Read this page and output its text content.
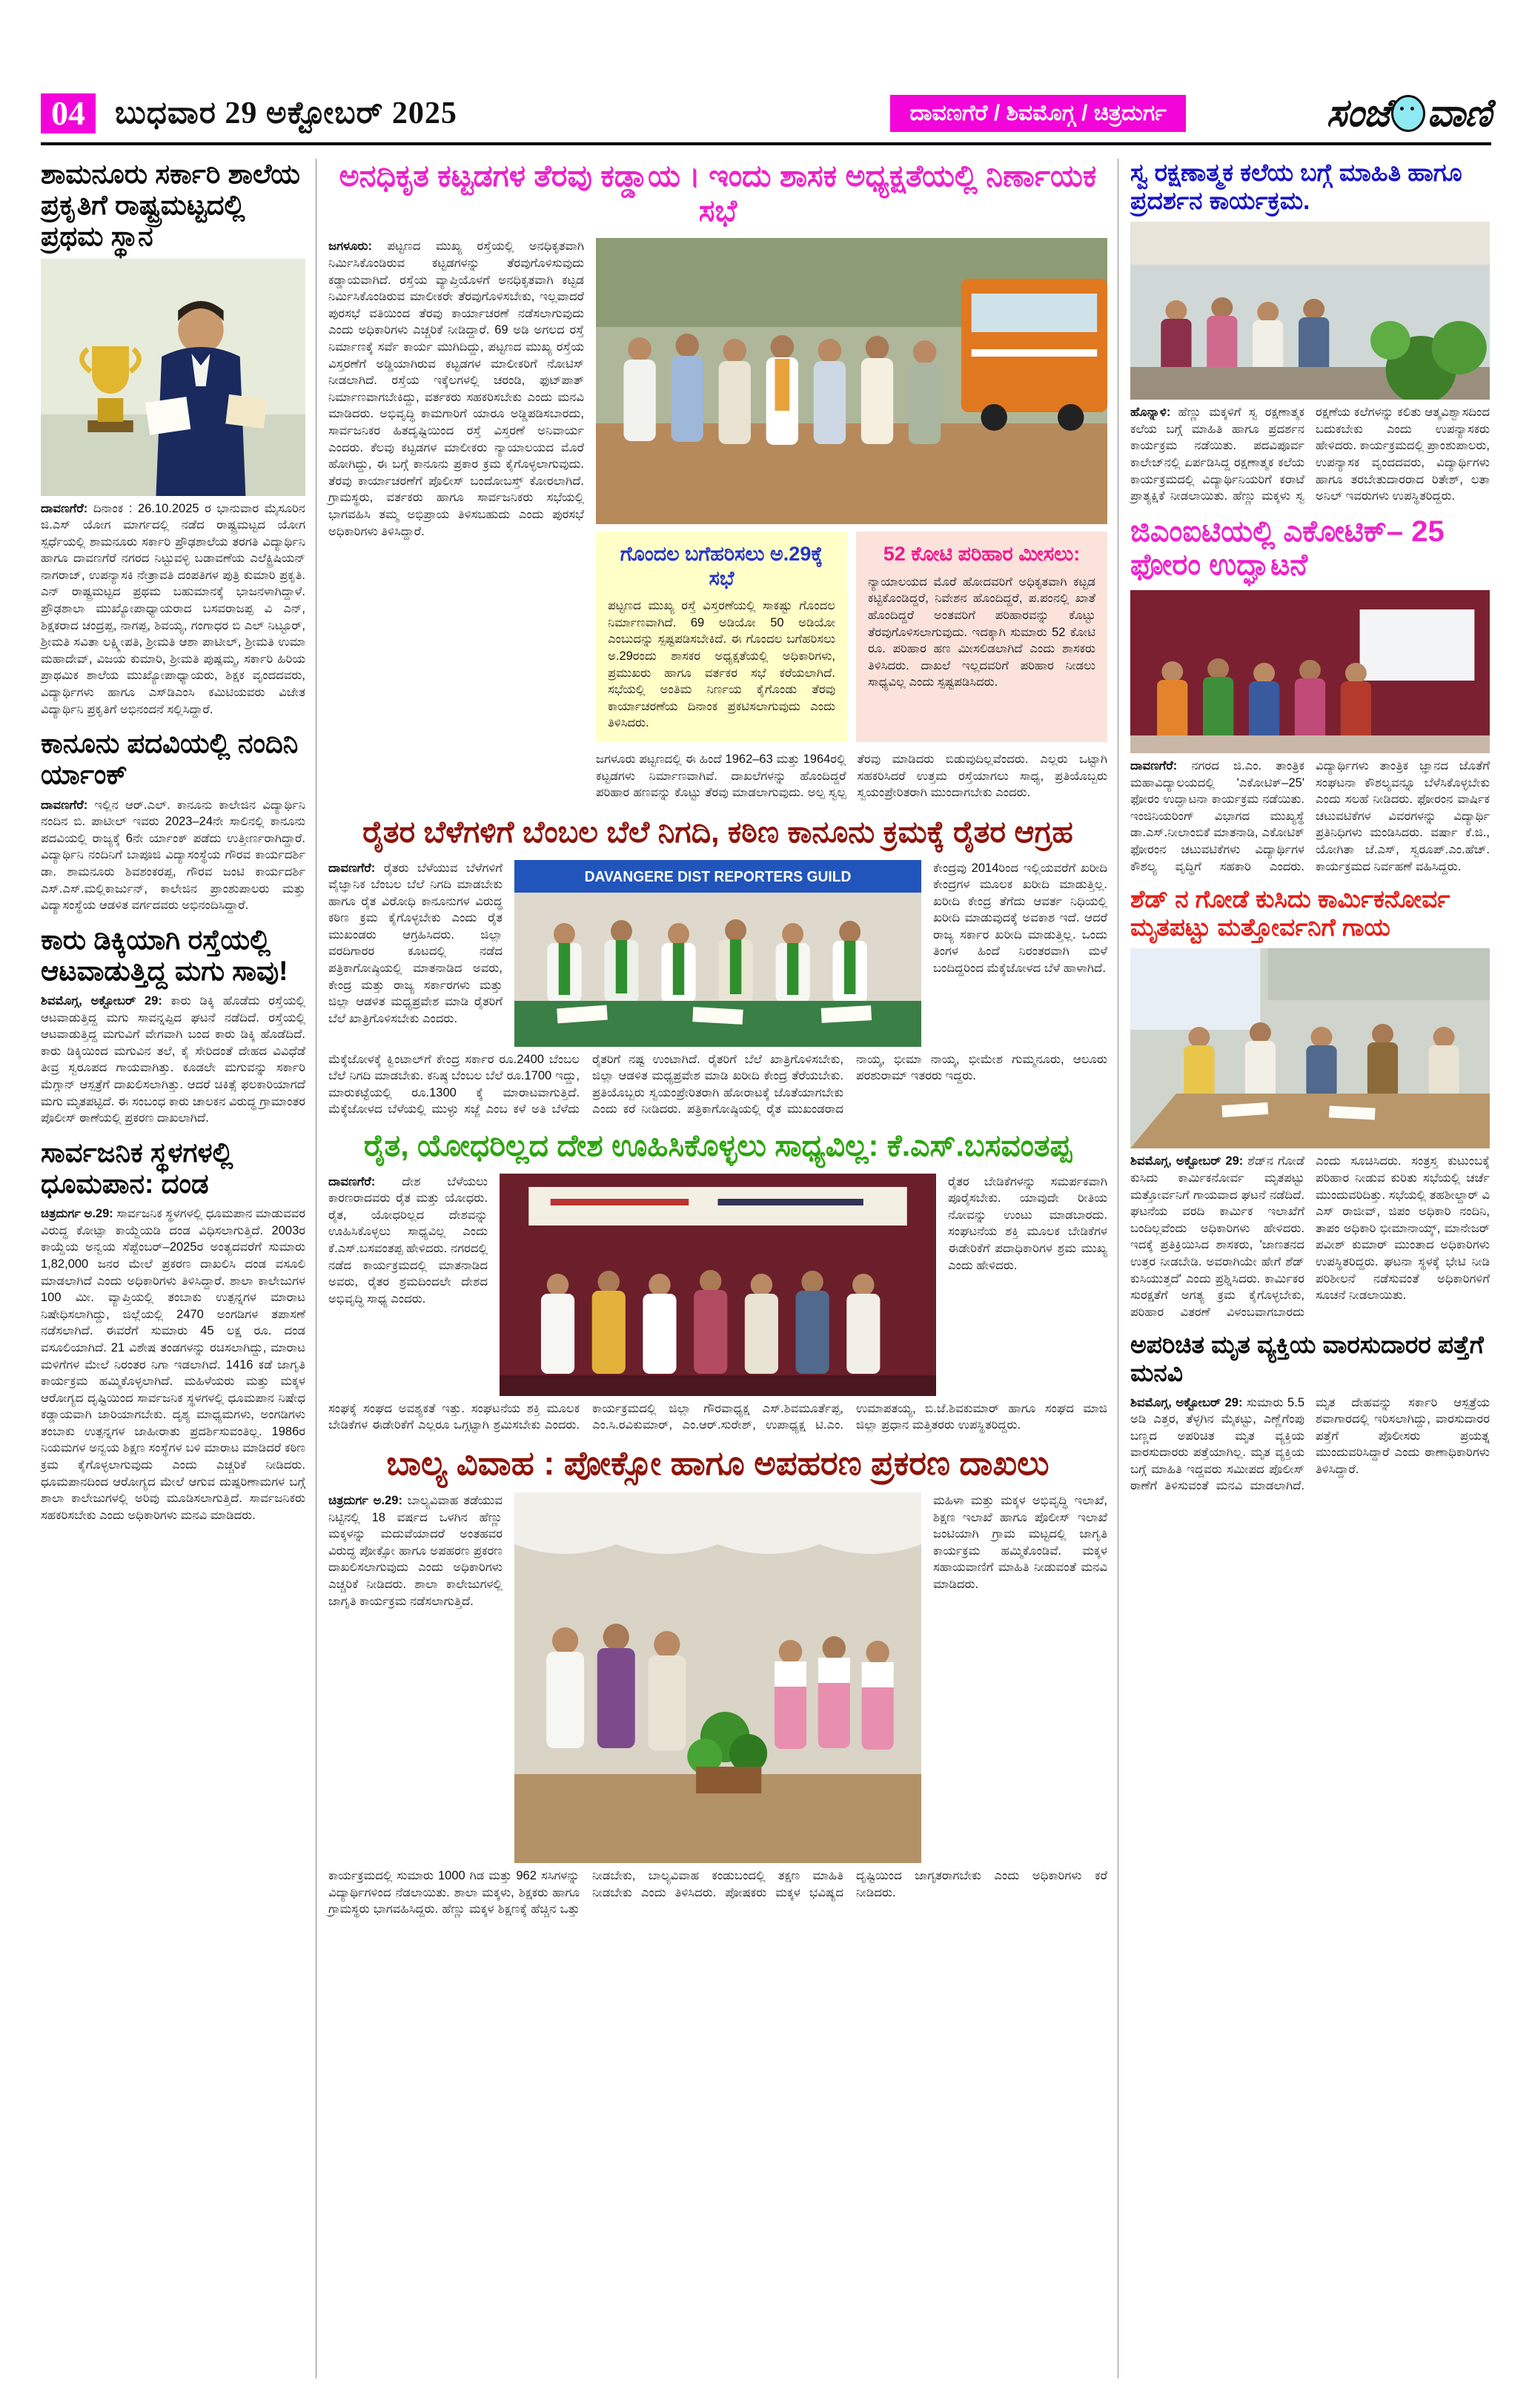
04 ಬುಧವಾರ 29 ಅಕ್ಟೋಬರ್ 2025	ದಾವಣಗೆರೆ / ಶಿವಮೊಗ್ಗ / ಚಿತ್ರದುರ್ಗ	ಸಂಜೆ ವಾಣಿ
ಶಾಮನೂರು ಸರ್ಕಾರಿ ಶಾಲೆಯ ಪ್ರಕೃತಿಗೆ ರಾಷ್ಟ್ರಮಟ್ಟದಲ್ಲಿ ಪ್ರಥಮ ಸ್ಥಾನ

ದಾವಣಗೆರೆ: ದಿನಾಂಕ : 26.10.2025 ರ ಭಾನುವಾರ ಮೈಸೂರಿನ ಜಿ.ಎಸ್ ಯೋಗ ಮಾರ್ಗದಲ್ಲಿ ನಡೆದ ರಾಷ್ಟ್ರಮಟ್ಟದ ಯೋಗ ಸ್ಪರ್ಧೆಯಲ್ಲಿ ಶಾಮನೂರು ಸರ್ಕಾರಿ ಪ್ರೌಢಶಾಲೆಯ ತರಗತಿ ವಿದ್ಯಾರ್ಥಿನಿ ಹಾಗೂ ದಾವಣಗೆರೆ ನಗರದ ನಿಟ್ಟುವಳ್ಳಿ ಬಡಾವಣೆಯ ಎಲೆಕ್ಟ್ರಿಷಿಯನ್ ನಾಗರಾಜ್, ಉಪನ್ಯಾಸಕಿ ನೇತ್ರಾವತಿ ದಂಪತಿಗಳ ಪುತ್ರಿ ಕುಮಾರಿ ಪ್ರಕೃತಿ. ಎನ್ ರಾಷ್ಟ್ರಮಟ್ಟದ ಪ್ರಥಮ ಬಹುಮಾನಕ್ಕೆ ಭಾಜನಳಾಗಿದ್ದಾಳೆ. ಪ್ರೌಢಶಾಲಾ ಮುಖ್ಯೋಪಾಧ್ಯಾಯರಾದ ಬಸವರಾಜಪ್ಪ ವಿ ಎನ್, ಶಿಕ್ಷಕರಾದ ಚಂದ್ರಪ್ಪ, ನಾಗಪ್ಪ, ಶಿವಯ್ಯ, ಗಂಗಾಧರ ಬಿ ಎಲ್ ನಿಟ್ಟೂರ್, ಶ್ರೀಮತಿ ಸವಿತಾ ಲಕ್ಷ್ಮೀಪತಿ, ಶ್ರೀಮತಿ ಆಶಾ ಪಾಟೀಲ್, ಶ್ರೀಮತಿ ಉಮಾ ಮಹಾದೇವ್, ವಿಜಯ ಕುಮಾರಿ, ಶ್ರೀಮತಿ ಪುಷ್ಪಮ್ಮ, ಸರ್ಕಾರಿ ಹಿರಿಯ ಪ್ರಾಥಮಿಕ ಶಾಲೆಯ ಮುಖ್ಯೋಪಾಧ್ಯಾಯರು, ಶಿಕ್ಷಕ ವೃಂದದವರು, ವಿದ್ಯಾರ್ಥಿಗಳು ಹಾಗೂ ಎಸ್‌ಡಿಎಂಸಿ ಕಮಿಟಿಯವರು ವಿಜೇತ ವಿದ್ಯಾರ್ಥಿನಿ ಪ್ರಕೃತಿಗೆ ಅಭಿನಂದನೆ ಸಲ್ಲಿಸಿದ್ದಾರೆ.

ಕಾನೂನು ಪದವಿಯಲ್ಲಿ ನಂದಿನಿ ರ್ಯಾಂಕ್

ದಾವಣಗೆರೆ: ಇಲ್ಲಿನ ಆರ್.ಎಲ್. ಕಾನೂನು ಕಾಲೇಜಿನ ವಿದ್ಯಾರ್ಥಿನಿ ನಂದಿನ ಬಿ. ಪಾಟೀಲ್ ಇವರು 2023–24ನೇ ಸಾಲಿನಲ್ಲಿ ಕಾನೂನು ಪದವಿಯಲ್ಲಿ ರಾಜ್ಯಕ್ಕೆ 6ನೇ ರ್ಯಾಂಕ್ ಪಡೆದು ಉತ್ತೀರ್ಣರಾಗಿದ್ದಾರೆ. ವಿದ್ಯಾರ್ಥಿನಿ ನಂದಿನಿಗೆ ಬಾಪೂಜಿ ವಿದ್ಯಾಸಂಸ್ಥೆಯ ಗೌರವ ಕಾರ್ಯದರ್ಶಿ ಡಾ. ಶಾಮನೂರು ಶಿವಶಂಕರಪ್ಪ, ಗೌರವ ಜಂಟಿ ಕಾರ್ಯದರ್ಶಿ ಎಸ್.ಎಸ್.ಮಲ್ಲಿಕಾರ್ಜುನ್, ಕಾಲೇಜಿನ ಪ್ರಾಂಶುಪಾಲರು ಮತ್ತು ವಿದ್ಯಾಸಂಸ್ಥೆಯ ಆಡಳಿತ ವರ್ಗದವರು ಅಭಿನಂದಿಸಿದ್ದಾರೆ.

ಕಾರು ಡಿಕ್ಕಿಯಾಗಿ ರಸ್ತೆಯಲ್ಲಿ ಆಟವಾಡುತ್ತಿದ್ದ ಮಗು ಸಾವು!

ಶಿವಮೊಗ್ಗ, ಅಕ್ಟೋಬರ್ 29: ಕಾರು ಡಿಕ್ಕಿ ಹೊಡೆದು ರಸ್ತೆಯಲ್ಲಿ ಆಟವಾಡುತ್ತಿದ್ದ ಮಗು ಸಾವನ್ನಪ್ಪಿದ ಘಟನೆ ನಡೆದಿದೆ. ರಸ್ತೆಯಲ್ಲಿ ಆಟವಾಡುತ್ತಿದ್ದ ಮಗುವಿಗೆ ವೇಗವಾಗಿ ಬಂದ ಕಾರು ಡಿಕ್ಕಿ ಹೊಡೆದಿದೆ. ಕಾರು ಡಿಕ್ಕಿಯಿಂದ ಮಗುವಿನ ತಲೆ, ಕೈ ಸೇರಿದಂತೆ ದೇಹದ ವಿವಿಧೆಡೆ ತೀವ್ರ ಸ್ವರೂಪದ ಗಾಯವಾಗಿತ್ತು. ಕೂಡಲೇ ಮಗುವನ್ನು ಸರ್ಕಾರಿ ಮೆಗ್ಗಾನ್ ಆಸ್ಪತ್ರೆಗೆ ದಾಖಲಿಸಲಾಗಿತ್ತು. ಆದರೆ ಚಿಕಿತ್ಸೆ ಫಲಕಾರಿಯಾಗದೆ ಮಗು ಮೃತಪಟ್ಟಿದೆ. ಈ ಸಂಬಂಧ ಕಾರು ಚಾಲಕನ ವಿರುದ್ಧ ಗ್ರಾಮಾಂತರ ಪೊಲೀಸ್ ಠಾಣೆಯಲ್ಲಿ ಪ್ರಕರಣ ದಾಖಲಾಗಿದೆ.

ಸಾರ್ವಜನಿಕ ಸ್ಥಳಗಳಲ್ಲಿ ಧೂಮಪಾನ: ದಂಡ

ಚಿತ್ರದುರ್ಗ ಅ.29: ಸಾರ್ವಜನಿಕ ಸ್ಥಳಗಳಲ್ಲಿ ಧೂಮಪಾನ ಮಾಡುವವರ ವಿರುದ್ಧ ಕೋಟ್ಪಾ ಕಾಯ್ದೆಯಡಿ ದಂಡ ವಿಧಿಸಲಾಗುತ್ತಿದೆ. 2003ರ ಕಾಯ್ದೆಯ ಅನ್ವಯ ಸೆಪ್ಟೆಂಬರ್–2025ರ ಅಂತ್ಯದವರೆಗೆ ಸುಮಾರು 1,82,000 ಜನರ ಮೇಲೆ ಪ್ರಕರಣ ದಾಖಲಿಸಿ ದಂಡ ವಸೂಲಿ ಮಾಡಲಾಗಿದೆ ಎಂದು ಅಧಿಕಾರಿಗಳು ತಿಳಿಸಿದ್ದಾರೆ. ಶಾಲಾ ಕಾಲೇಜುಗಳ 100 ಮೀ. ವ್ಯಾಪ್ತಿಯಲ್ಲಿ ತಂಬಾಕು ಉತ್ಪನ್ನಗಳ ಮಾರಾಟ ನಿಷೇಧಿಸಲಾಗಿದ್ದು, ಜಿಲ್ಲೆಯಲ್ಲಿ 2470 ಅಂಗಡಿಗಳ ತಪಾಸಣೆ ನಡೆಸಲಾಗಿದೆ. ಈವರೆಗೆ ಸುಮಾರು 45 ಲಕ್ಷ ರೂ. ದಂಡ ವಸೂಲಿಯಾಗಿದೆ. 21 ವಿಶೇಷ ತಂಡಗಳನ್ನು ರಚಿಸಲಾಗಿದ್ದು, ಮಾರಾಟ ಮಳಿಗೆಗಳ ಮೇಲೆ ನಿರಂತರ ನಿಗಾ ಇಡಲಾಗಿದೆ. 1416 ಕಡೆ ಜಾಗೃತಿ ಕಾರ್ಯಕ್ರಮ ಹಮ್ಮಿಕೊಳ್ಳಲಾಗಿದೆ. ಮಹಿಳೆಯರು ಮತ್ತು ಮಕ್ಕಳ ಆರೋಗ್ಯದ ದೃಷ್ಟಿಯಿಂದ ಸಾರ್ವಜನಿಕ ಸ್ಥಳಗಳಲ್ಲಿ ಧೂಮಪಾನ ನಿಷೇಧ ಕಡ್ಡಾಯವಾಗಿ ಜಾರಿಯಾಗಬೇಕು. ದೃಶ್ಯ ಮಾಧ್ಯಮಗಳು, ಅಂಗಡಿಗಳು ತಂಬಾಕು ಉತ್ಪನ್ನಗಳ ಜಾಹೀರಾತು ಪ್ರದರ್ಶಿಸುವಂತಿಲ್ಲ. 1986ರ ನಿಯಮಗಳ ಅನ್ವಯ ಶಿಕ್ಷಣ ಸಂಸ್ಥೆಗಳ ಬಳಿ ಮಾರಾಟ ಮಾಡಿದರೆ ಕಠಿಣ ಕ್ರಮ ಕೈಗೊಳ್ಳಲಾಗುವುದು ಎಂದು ಎಚ್ಚರಿಕೆ ನೀಡಿದರು. ಧೂಮಪಾನದಿಂದ ಆರೋಗ್ಯದ ಮೇಲೆ ಆಗುವ ದುಷ್ಪರಿಣಾಮಗಳ ಬಗ್ಗೆ ಶಾಲಾ ಕಾಲೇಜುಗಳಲ್ಲಿ ಅರಿವು ಮೂಡಿಸಲಾಗುತ್ತಿದೆ. ಸಾರ್ವಜನಿಕರು ಸಹಕರಿಸಬೇಕು ಎಂದು ಅಧಿಕಾರಿಗಳು ಮನವಿ ಮಾಡಿದರು.

ಅನಧಿಕೃತ ಕಟ್ಟಡಗಳ ತೆರವು ಕಡ್ಡಾಯ । ಇಂದು ಶಾಸಕ ಅಧ್ಯಕ್ಷತೆಯಲ್ಲಿ ನಿರ್ಣಾಯಕ ಸಭೆ

ಜಗಳೂರು: ಪಟ್ಟಣದ ಮುಖ್ಯ ರಸ್ತೆಯಲ್ಲಿ ಅನಧಿಕೃತವಾಗಿ ನಿರ್ಮಿಸಿಕೊಂಡಿರುವ ಕಟ್ಟಡಗಳನ್ನು ತೆರವುಗೊಳಿಸುವುದು ಕಡ್ಡಾಯವಾಗಿದೆ. ರಸ್ತೆಯ ವ್ಯಾಪ್ತಿಯೊಳಗೆ ಅನಧಿಕೃತವಾಗಿ ಕಟ್ಟಡ ನಿರ್ಮಿಸಿಕೊಂಡಿರುವ ಮಾಲೀಕರೇ ತೆರವುಗೊಳಿಸಬೇಕು, ಇಲ್ಲವಾದರೆ ಪುರಸಭೆ ವತಿಯಿಂದ ತೆರವು ಕಾರ್ಯಾಚರಣೆ ನಡೆಸಲಾಗುವುದು ಎಂದು ಅಧಿಕಾರಿಗಳು ಎಚ್ಚರಿಕೆ ನೀಡಿದ್ದಾರೆ. 69 ಅಡಿ ಅಗಲದ ರಸ್ತೆ ನಿರ್ಮಾಣಕ್ಕೆ ಸರ್ವೆ ಕಾರ್ಯ ಮುಗಿದಿದ್ದು, ಪಟ್ಟಣದ ಮುಖ್ಯ ರಸ್ತೆಯ ವಿಸ್ತರಣೆಗೆ ಅಡ್ಡಿಯಾಗಿರುವ ಕಟ್ಟಡಗಳ ಮಾಲೀಕರಿಗೆ ನೋಟಿಸ್ ನೀಡಲಾಗಿದೆ. ರಸ್ತೆಯ ಇಕ್ಕೆಲಗಳಲ್ಲಿ ಚರಂಡಿ, ಫುಟ್‌ಪಾತ್ ನಿರ್ಮಾಣವಾಗಬೇಕಿದ್ದು, ವರ್ತಕರು ಸಹಕರಿಸಬೇಕು ಎಂದು ಮನವಿ ಮಾಡಿದರು. ಅಭಿವೃದ್ಧಿ ಕಾಮಗಾರಿಗೆ ಯಾರೂ ಅಡ್ಡಿಪಡಿಸಬಾರದು, ಸಾರ್ವಜನಿಕರ ಹಿತದೃಷ್ಟಿಯಿಂದ ರಸ್ತೆ ವಿಸ್ತರಣೆ ಅನಿವಾರ್ಯ ಎಂದರು. ಕೆಲವು ಕಟ್ಟಡಗಳ ಮಾಲೀಕರು ನ್ಯಾಯಾಲಯದ ಮೊರೆ ಹೋಗಿದ್ದು, ಈ ಬಗ್ಗೆ ಕಾನೂನು ಪ್ರಕಾರ ಕ್ರಮ ಕೈಗೊಳ್ಳಲಾಗುವುದು. ತೆರವು ಕಾರ್ಯಾಚರಣೆಗೆ ಪೊಲೀಸ್ ಬಂದೋಬಸ್ತ್ ಕೋರಲಾಗಿದೆ. ಗ್ರಾಮಸ್ಥರು, ವರ್ತಕರು ಹಾಗೂ ಸಾರ್ವಜನಿಕರು ಸಭೆಯಲ್ಲಿ ಭಾಗವಹಿಸಿ ತಮ್ಮ ಅಭಿಪ್ರಾಯ ತಿಳಿಸಬಹುದು ಎಂದು ಪುರಸಭೆ ಅಧಿಕಾರಿಗಳು ತಿಳಿಸಿದ್ದಾರೆ.

ಗೊಂದಲ ಬಗೆಹರಿಸಲು ಅ.29ಕ್ಕೆ ಸಭೆ

ಪಟ್ಟಣದ ಮುಖ್ಯ ರಸ್ತೆ ವಿಸ್ತರಣೆಯಲ್ಲಿ ಸಾಕಷ್ಟು ಗೊಂದಲ ನಿರ್ಮಾಣವಾಗಿದೆ. 69 ಅಡಿಯೋ 50 ಅಡಿಯೋ ಎಂಬುದನ್ನು ಸ್ಪಷ್ಟಪಡಿಸಬೇಕಿದೆ. ಈ ಗೊಂದಲ ಬಗೆಹರಿಸಲು ಅ.29ರಂದು ಶಾಸಕರ ಅಧ್ಯಕ್ಷತೆಯಲ್ಲಿ ಅಧಿಕಾರಿಗಳು, ಪ್ರಮುಖರು ಹಾಗೂ ವರ್ತಕರ ಸಭೆ ಕರೆಯಲಾಗಿದೆ. ಸಭೆಯಲ್ಲಿ ಅಂತಿಮ ನಿರ್ಣಯ ಕೈಗೊಂಡು ತೆರವು ಕಾರ್ಯಾಚರಣೆಯ ದಿನಾಂಕ ಪ್ರಕಟಿಸಲಾಗುವುದು ಎಂದು ತಿಳಿಸಿದರು.

52 ಕೋಟಿ ಪರಿಹಾರ ಮೀಸಲು:

ನ್ಯಾಯಾಲಯದ ಮೊರೆ ಹೋದವರಿಗೆ ಅಧಿಕೃತವಾಗಿ ಕಟ್ಟಡ ಕಟ್ಟಿಕೊಂಡಿದ್ದರೆ, ನಿವೇಶನ ಹೊಂದಿದ್ದರೆ, ಪ.ಪಂನಲ್ಲಿ ಖಾತೆ ಹೊಂದಿದ್ದರೆ ಅಂತವರಿಗೆ ಪರಿಹಾರವನ್ನು ಕೊಟ್ಟು ತೆರವುಗೊಳಿಸಲಾಗುವುದು. ಇದಕ್ಕಾಗಿ ಸುಮಾರು 52 ಕೋಟಿ ರೂ. ಪರಿಹಾರ ಹಣ ಮೀಸಲಿಡಲಾಗಿದೆ ಎಂದು ಶಾಸಕರು ತಿಳಿಸಿದರು. ದಾಖಲೆ ಇಲ್ಲದವರಿಗೆ ಪರಿಹಾರ ನೀಡಲು ಸಾಧ್ಯವಿಲ್ಲ ಎಂದು ಸ್ಪಷ್ಟಪಡಿಸಿದರು.

ಜಗಳೂರು ಪಟ್ಟಣದಲ್ಲಿ ಈ ಹಿಂದೆ 1962–63 ಮತ್ತು 1964ರಲ್ಲಿ ಕಟ್ಟಡಗಳು ನಿರ್ಮಾಣವಾಗಿವೆ. ದಾಖಲೆಗಳನ್ನು ಹೊಂದಿದ್ದರೆ ಪರಿಹಾರ ಹಣವನ್ನು ಕೊಟ್ಟು ತೆರವು ಮಾಡಲಾಗುವುದು. ಅಲ್ಪ ಸ್ವಲ್ಪ ತೆರವು ಮಾಡಿದರು ಬಿಡುವುದಿಲ್ಲವೆಂದರು. ಎಲ್ಲರು ಒಟ್ಟಾಗಿ ಸಹಕರಿಸಿದರೆ ಉತ್ತಮ ರಸ್ತೆಯಾಗಲು ಸಾಧ್ಯ, ಪ್ರತಿಯೊಬ್ಬರು ಸ್ವಯಂಪ್ರೇರಿತರಾಗಿ ಮುಂದಾಗಬೇಕು ಎಂದರು.

ರೈತರ ಬೆಳೆಗಳಿಗೆ ಬೆಂಬಲ ಬೆಲೆ ನಿಗದಿ, ಕಠಿಣ ಕಾನೂನು ಕ್ರಮಕ್ಕೆ ರೈತರ ಆಗ್ರಹ

ದಾವಣಗೆರೆ: ರೈತರು ಬೆಳೆಯುವ ಬೆಳೆಗಳಿಗೆ ವೈಜ್ಞಾನಿಕ ಬೆಂಬಲ ಬೆಲೆ ನಿಗದಿ ಮಾಡಬೇಕು ಹಾಗೂ ರೈತ ವಿರೋಧಿ ಕಾನೂನುಗಳ ವಿರುದ್ಧ ಕಠಿಣ ಕ್ರಮ ಕೈಗೊಳ್ಳಬೇಕು ಎಂದು ರೈತ ಮುಖಂಡರು ಆಗ್ರಹಿಸಿದರು. ಜಿಲ್ಲಾ ವರದಿಗಾರರ ಕೂಟದಲ್ಲಿ ನಡೆದ ಪತ್ರಿಕಾಗೋಷ್ಠಿಯಲ್ಲಿ ಮಾತನಾಡಿದ ಅವರು, ಕೇಂದ್ರ ಮತ್ತು ರಾಜ್ಯ ಸರ್ಕಾರಗಳು ಮತ್ತು ಜಿಲ್ಲಾ ಆಡಳಿತ ಮಧ್ಯಪ್ರವೇಶ ಮಾಡಿ ರೈತರಿಗೆ ಬೆಲೆ ಖಾತ್ರಿಗೊಳಿಸಬೇಕು ಎಂದರು.

DAVANGERE DIST REPORTERS GUILD

ಕೇಂದ್ರವು 2014ರಿಂದ ಇಲ್ಲಿಯವರೆಗೆ ಖರೀದಿ ಕೇಂದ್ರಗಳ ಮೂಲಕ ಖರೀದಿ ಮಾಡುತ್ತಿಲ್ಲ. ಖರೀದಿ ಕೇಂದ್ರ ತೆಗೆದು ಆವರ್ತ ನಿಧಿಯಲ್ಲಿ ಖರೀದಿ ಮಾಡುವುದಕ್ಕೆ ಅವಕಾಶ ಇದೆ. ಆದರೆ ರಾಜ್ಯ ಸರ್ಕಾರ ಖರೀದಿ ಮಾಡುತ್ತಿಲ್ಲ. ಒಂದು ತಿಂಗಳ ಹಿಂದೆ ನಿರಂತರವಾಗಿ ಮಳೆ ಬಂದಿದ್ದರಿಂದ ಮೆಕ್ಕೆಜೋಳದ ಬೆಳೆ ಹಾಳಾಗಿದೆ.

ಮೆಕ್ಕೆಜೋಳಕ್ಕೆ ಕ್ವಿಂಟಾಲ್‌ಗೆ ಕೇಂದ್ರ ಸರ್ಕಾರ ರೂ.2400 ಬೆಂಬಲ ಬೆಲೆ ನಿಗದಿ ಮಾಡಬೇಕು. ಕನಿಷ್ಠ ಬೆಂಬಲ ಬೆಲೆ ರೂ.1700 ಇದ್ದು, ಮಾರುಕಟ್ಟೆಯಲ್ಲಿ ರೂ.1300 ಕ್ಕೆ ಮಾರಾಟವಾಗುತ್ತಿದೆ. ಮೆಕ್ಕೆಜೋಳದ ಬೆಳೆಯಲ್ಲಿ ಮುಳ್ಳು ಸಜ್ಜೆ ಎಂಬ ಕಳೆ ಅತಿ ಬೆಳೆದು ರೈತರಿಗೆ ನಷ್ಟ ಉಂಟಾಗಿದೆ. ರೈತರಿಗೆ ಬೆಲೆ ಖಾತ್ರಿಗೊಳಿಸಬೇಕು, ಜಿಲ್ಲಾ ಆಡಳಿತ ಮಧ್ಯಪ್ರವೇಶ ಮಾಡಿ ಖರೀದಿ ಕೇಂದ್ರ ತೆರೆಯಬೇಕು. ಪ್ರತಿಯೊಬ್ಬರು ಸ್ವಯಂಪ್ರೇರಿತರಾಗಿ ಹೋರಾಟಕ್ಕೆ ಜೊತೆಯಾಗಬೇಕು ಎಂದು ಕರೆ ನೀಡಿದರು. ಪತ್ರಿಕಾಗೋಷ್ಠಿಯಲ್ಲಿ ರೈತ ಮುಖಂಡರಾದ ನಾಯ್ಕ, ಭೀಮಾ ನಾಯ್ಕ, ಭೀಮೇಶ ಗುಮ್ಮನೂರು, ಆಲೂರು ಪರಶುರಾಮ್ ಇತರರು ಇದ್ದರು.

ರೈತ, ಯೋಧರಿಲ್ಲದ ದೇಶ ಊಹಿಸಿಕೊಳ್ಳಲು ಸಾಧ್ಯವಿಲ್ಲ: ಕೆ.ಎಸ್.ಬಸವಂತಪ್ಪ

ದಾವಣಗೆರೆ: ದೇಶ ಬೆಳೆಯಲು ಕಾರಣರಾದವರು ರೈತ ಮತ್ತು ಯೋಧರು. ರೈತ, ಯೋಧರಿಲ್ಲದ ದೇಶವನ್ನು ಊಹಿಸಿಕೊಳ್ಳಲು ಸಾಧ್ಯವಿಲ್ಲ ಎಂದು ಕೆ.ಎಸ್.ಬಸವಂತಪ್ಪ ಹೇಳಿದರು. ನಗರದಲ್ಲಿ ನಡೆದ ಕಾರ್ಯಕ್ರಮದಲ್ಲಿ ಮಾತನಾಡಿದ ಅವರು, ರೈತರ ಶ್ರಮದಿಂದಲೇ ದೇಶದ ಅಭಿವೃದ್ಧಿ ಸಾಧ್ಯ ಎಂದರು.

ರೈತರ ಬೇಡಿಕೆಗಳನ್ನು ಸಮರ್ಪಕವಾಗಿ ಪೂರೈಸಬೇಕು. ಯಾವುದೇ ರೀತಿಯ ನೋವನ್ನು ಉಂಟು ಮಾಡಬಾರದು. ಸಂಘಟನೆಯ ಶಕ್ತಿ ಮೂಲಕ ಬೇಡಿಕೆಗಳ ಈಡೇರಿಕೆಗೆ ಪದಾಧಿಕಾರಿಗಳ ಶ್ರಮ ಮುಖ್ಯ ಎಂದು ಹೇಳಿದರು.

ಸಂಘಕ್ಕೆ ಸಂಘದ ಅವಶ್ಯಕತೆ ಇತ್ತು. ಸಂಘಟನೆಯ ಶಕ್ತಿ ಮೂಲಕ ಬೇಡಿಕೆಗಳ ಈಡೇರಿಕೆಗೆ ಎಲ್ಲರೂ ಒಗ್ಗಟ್ಟಾಗಿ ಶ್ರಮಿಸಬೇಕು ಎಂದರು. ಕಾರ್ಯಕ್ರಮದಲ್ಲಿ ಜಿಲ್ಲಾ ಗೌರವಾಧ್ಯಕ್ಷ ಎಸ್.ಶಿವಮೂರ್ತೆಪ್ಪ, ಎಂ.ಸಿ.ರವಿಕುಮಾರ್, ಎಂ.ಆರ್.ಸುರೇಶ್, ಉಪಾಧ್ಯಕ್ಷ ಟಿ.ಎಂ. ಉಮಾಪತಯ್ಯ, ಬಿ.ಜೆ.ಶಿವಕುಮಾರ್ ಹಾಗೂ ಸಂಘದ ಮಾಜಿ ಜಿಲ್ಲಾ ಪ್ರಧಾನ ಮತ್ತಿತರರು ಉಪಸ್ಥಿತರಿದ್ದರು.

ಬಾಲ್ಯ ವಿವಾಹ : ಪೋಕ್ಸೋ ಹಾಗೂ ಅಪಹರಣ ಪ್ರಕರಣ ದಾಖಲು

ಚಿತ್ರದುರ್ಗ ಅ.29: ಬಾಲ್ಯವಿವಾಹ ತಡೆಯುವ ನಿಟ್ಟಿನಲ್ಲಿ 18 ವರ್ಷದ ಒಳಗಿನ ಹೆಣ್ಣು ಮಕ್ಕಳನ್ನು ಮದುವೆಯಾದರೆ ಅಂತಹವರ ವಿರುದ್ಧ ಪೋಕ್ಸೋ ಹಾಗೂ ಅಪಹರಣ ಪ್ರಕರಣ ದಾಖಲಿಸಲಾಗುವುದು ಎಂದು ಅಧಿಕಾರಿಗಳು ಎಚ್ಚರಿಕೆ ನೀಡಿದರು. ಶಾಲಾ ಕಾಲೇಜುಗಳಲ್ಲಿ ಜಾಗೃತಿ ಕಾರ್ಯಕ್ರಮ ನಡೆಸಲಾಗುತ್ತಿದೆ.

ಮಹಿಳಾ ಮತ್ತು ಮಕ್ಕಳ ಅಭಿವೃದ್ಧಿ ಇಲಾಖೆ, ಶಿಕ್ಷಣ ಇಲಾಖೆ ಹಾಗೂ ಪೊಲೀಸ್ ಇಲಾಖೆ ಜಂಟಿಯಾಗಿ ಗ್ರಾಮ ಮಟ್ಟದಲ್ಲಿ ಜಾಗೃತಿ ಕಾರ್ಯಕ್ರಮ ಹಮ್ಮಿಕೊಂಡಿವೆ. ಮಕ್ಕಳ ಸಹಾಯವಾಣಿಗೆ ಮಾಹಿತಿ ನೀಡುವಂತೆ ಮನವಿ ಮಾಡಿದರು.

ಕಾರ್ಯಕ್ರಮದಲ್ಲಿ ಸುಮಾರು 1000 ಗಿಡ ಮತ್ತು 962 ಸಸಿಗಳನ್ನು ವಿದ್ಯಾರ್ಥಿಗಳಿಂದ ನೆಡಲಾಯಿತು. ಶಾಲಾ ಮಕ್ಕಳು, ಶಿಕ್ಷಕರು ಹಾಗೂ ಗ್ರಾಮಸ್ಥರು ಭಾಗವಹಿಸಿದ್ದರು. ಹೆಣ್ಣು ಮಕ್ಕಳ ಶಿಕ್ಷಣಕ್ಕೆ ಹೆಚ್ಚಿನ ಒತ್ತು ನೀಡಬೇಕು, ಬಾಲ್ಯವಿವಾಹ ಕಂಡುಬಂದಲ್ಲಿ ತಕ್ಷಣ ಮಾಹಿತಿ ನೀಡಬೇಕು ಎಂದು ತಿಳಿಸಿದರು. ಪೋಷಕರು ಮಕ್ಕಳ ಭವಿಷ್ಯದ ದೃಷ್ಟಿಯಿಂದ ಜಾಗೃತರಾಗಬೇಕು ಎಂದು ಅಧಿಕಾರಿಗಳು ಕರೆ ನೀಡಿದರು.

ಸ್ವ ರಕ್ಷಣಾತ್ಮಕ ಕಲೆಯ ಬಗ್ಗೆ ಮಾಹಿತಿ ಹಾಗೂ ಪ್ರದರ್ಶನ ಕಾರ್ಯಕ್ರಮ.

ಹೊನ್ನಾಳಿ: ಹೆಣ್ಣು ಮಕ್ಕಳಿಗೆ ಸ್ವ ರಕ್ಷಣಾತ್ಮಕ ಕಲೆಯ ಬಗ್ಗೆ ಮಾಹಿತಿ ಹಾಗೂ ಪ್ರದರ್ಶನ ಕಾರ್ಯಕ್ರಮ ನಡೆಯಿತು. ಪದವಿಪೂರ್ವ ಕಾಲೇಜ್‌ನಲ್ಲಿ ಏರ್ಪಡಿಸಿದ್ದ ರಕ್ಷಣಾತ್ಮಕ ಕಲೆಯ ಕಾರ್ಯಕ್ರಮದಲ್ಲಿ ವಿದ್ಯಾರ್ಥಿನಿಯರಿಗೆ ಕರಾಟೆ ಪ್ರಾತ್ಯಕ್ಷಿಕೆ ನೀಡಲಾಯಿತು. ಹೆಣ್ಣು ಮಕ್ಕಳು ಸ್ವ ರಕ್ಷಣೆಯ ಕಲೆಗಳನ್ನು ಕಲಿತು ಆತ್ಮವಿಶ್ವಾಸದಿಂದ ಬದುಕಬೇಕು ಎಂದು ಉಪನ್ಯಾಸಕರು ಹೇಳಿದರು. ಕಾರ್ಯಕ್ರಮದಲ್ಲಿ ಪ್ರಾಂಶುಪಾಲರು, ಉಪನ್ಯಾಸಕ ವೃಂದದವರು, ವಿದ್ಯಾರ್ಥಿಗಳು ಹಾಗೂ ತರಬೇತುದಾರರಾದ ರಿತೇಶ್, ಲತಾ ಅನಿಲ್ ಇವರುಗಳು ಉಪಸ್ಥಿತರಿದ್ದರು.

ಜಿಎಂಐಟಿಯಲ್ಲಿ ಎಕೋಟಿಕ್– 25 ಫೋರಂ ಉದ್ಘಾಟನೆ

ದಾವಣಗೆರೆ: ನಗರದ ಜಿ.ಎಂ. ತಾಂತ್ರಿಕ ಮಹಾವಿದ್ಯಾಲಯದಲ್ಲಿ 'ಎಕೋಟಿಕ್–25' ಫೋರಂ ಉದ್ಘಾಟನಾ ಕಾರ್ಯಕ್ರಮ ನಡೆಯಿತು. ಇಂಜಿನಿಯರಿಂಗ್ ವಿಭಾಗದ ಮುಖ್ಯಸ್ಥೆ ಡಾ.ಎಸ್.ನೀಲಾಂಬಿಕೆ ಮಾತನಾಡಿ, ಎಕೋಟಿಕ್ ಫೋರಂನ ಚಟುವಟಿಕೆಗಳು ವಿದ್ಯಾರ್ಥಿಗಳ ಕೌಶಲ್ಯ ವೃದ್ಧಿಗೆ ಸಹಕಾರಿ ಎಂದರು. ವಿದ್ಯಾರ್ಥಿಗಳು ತಾಂತ್ರಿಕ ಜ್ಞಾನದ ಜೊತೆಗೆ ಸಂಘಟನಾ ಕೌಶಲ್ಯವನ್ನೂ ಬೆಳೆಸಿಕೊಳ್ಳಬೇಕು ಎಂದು ಸಲಹೆ ನೀಡಿದರು. ಫೋರಂನ ವಾರ್ಷಿಕ ಚಟುವಟಿಕೆಗಳ ವಿವರಗಳನ್ನು ವಿದ್ಯಾರ್ಥಿ ಪ್ರತಿನಿಧಿಗಳು ಮಂಡಿಸಿದರು. ವರ್ಷಾ ಕೆ.ಜಿ., ಯೋಗಿತಾ ಜೆ.ಎಸ್, ಸ್ವರೂಪ್.ಎಂ.ಹೆಚ್. ಕಾರ್ಯಕ್ರಮದ ನಿರ್ವಹಣೆ ವಹಿಸಿದ್ದರು.

ಶೆಡ್ ನ ಗೋಡೆ ಕುಸಿದು ಕಾರ್ಮಿಕನೋರ್ವ ಮೃತಪಟ್ಟು ಮತ್ತೋರ್ವನಿಗೆ ಗಾಯ

ಶಿವಮೊಗ್ಗ, ಅಕ್ಟೋಬರ್ 29: ಶೆಡ್‌ನ ಗೋಡೆ ಕುಸಿದು ಕಾರ್ಮಿಕನೋರ್ವ ಮೃತಪಟ್ಟು ಮತ್ತೋರ್ವನಿಗೆ ಗಾಯವಾದ ಘಟನೆ ನಡೆದಿದೆ. ಘಟನೆಯ ವರದಿ ಕಾರ್ಮಿಕ ಇಲಾಖೆಗೆ ಬಂದಿಲ್ಲವೆಂದು ಅಧಿಕಾರಿಗಳು ಹೇಳಿದರು. ಇದಕ್ಕೆ ಪ್ರತಿಕ್ರಿಯಿಸಿದ ಶಾಸಕರು, 'ಜಾಣತನದ ಉತ್ತರ ನೀಡಬೇಡಿ. ಅವರಾಗಿಯೇ ಹೇಗೆ ಶೆಡ್ ಕುಸಿಯುತ್ತದೆ' ಎಂದು ಪ್ರಶ್ನಿಸಿದರು. ಕಾರ್ಮಿಕರ ಸುರಕ್ಷತೆಗೆ ಅಗತ್ಯ ಕ್ರಮ ಕೈಗೊಳ್ಳಬೇಕು, ಪರಿಹಾರ ವಿತರಣೆ ವಿಳಂಬವಾಗಬಾರದು ಎಂದು ಸೂಚಿಸಿದರು. ಸಂತ್ರಸ್ತ ಕುಟುಂಬಕ್ಕೆ ಪರಿಹಾರ ನೀಡುವ ಕುರಿತು ಸಭೆಯಲ್ಲಿ ಚರ್ಚೆ ಮುಂದುವರಿದಿತ್ತು. ಸಭೆಯಲ್ಲಿ ತಹಶೀಲ್ದಾರ್ ವಿ ಎಸ್ ರಾಜೀವ್, ಜಿಪಂ ಅಧಿಕಾರಿ ನಂದಿನಿ, ತಾಪಂ ಅಧಿಕಾರಿ ಭೀಮಾನಾಯ್ಕ್, ಮಾನೇಜರ್ ಪವೀಶ್ ಕುಮಾರ್ ಮುಂತಾದ ಅಧಿಕಾರಿಗಳು ಉಪಸ್ಥಿತರಿದ್ದರು. ಘಟನಾ ಸ್ಥಳಕ್ಕೆ ಭೇಟಿ ನೀಡಿ ಪರಿಶೀಲನೆ ನಡೆಸುವಂತೆ ಅಧಿಕಾರಿಗಳಿಗೆ ಸೂಚನೆ ನೀಡಲಾಯಿತು.

ಅಪರಿಚಿತ ಮೃತ ವ್ಯಕ್ತಿಯ ವಾರಸುದಾರರ ಪತ್ತೆಗೆ ಮನವಿ

ಶಿವಮೊಗ್ಗ, ಅಕ್ಟೋಬರ್ 29: ಸುಮಾರು 5.5 ಅಡಿ ಎತ್ತರ, ತೆಳ್ಳಗಿನ ಮೈಕಟ್ಟು, ಎಣ್ಣೆಗೆಂಪು ಬಣ್ಣದ ಅಪರಿಚಿತ ಮೃತ ವ್ಯಕ್ತಿಯ ವಾರಸುದಾರರು ಪತ್ತೆಯಾಗಿಲ್ಲ. ಮೃತ ವ್ಯಕ್ತಿಯ ಬಗ್ಗೆ ಮಾಹಿತಿ ಇದ್ದವರು ಸಮೀಪದ ಪೊಲೀಸ್ ಠಾಣೆಗೆ ತಿಳಿಸುವಂತೆ ಮನವಿ ಮಾಡಲಾಗಿದೆ. ಮೃತ ದೇಹವನ್ನು ಸರ್ಕಾರಿ ಆಸ್ಪತ್ರೆಯ ಶವಾಗಾರದಲ್ಲಿ ಇರಿಸಲಾಗಿದ್ದು, ವಾರಸುದಾರರ ಪತ್ತೆಗೆ ಪೊಲೀಸರು ಪ್ರಯತ್ನ ಮುಂದುವರಿಸಿದ್ದಾರೆ ಎಂದು ಠಾಣಾಧಿಕಾರಿಗಳು ತಿಳಿಸಿದ್ದಾರೆ.
